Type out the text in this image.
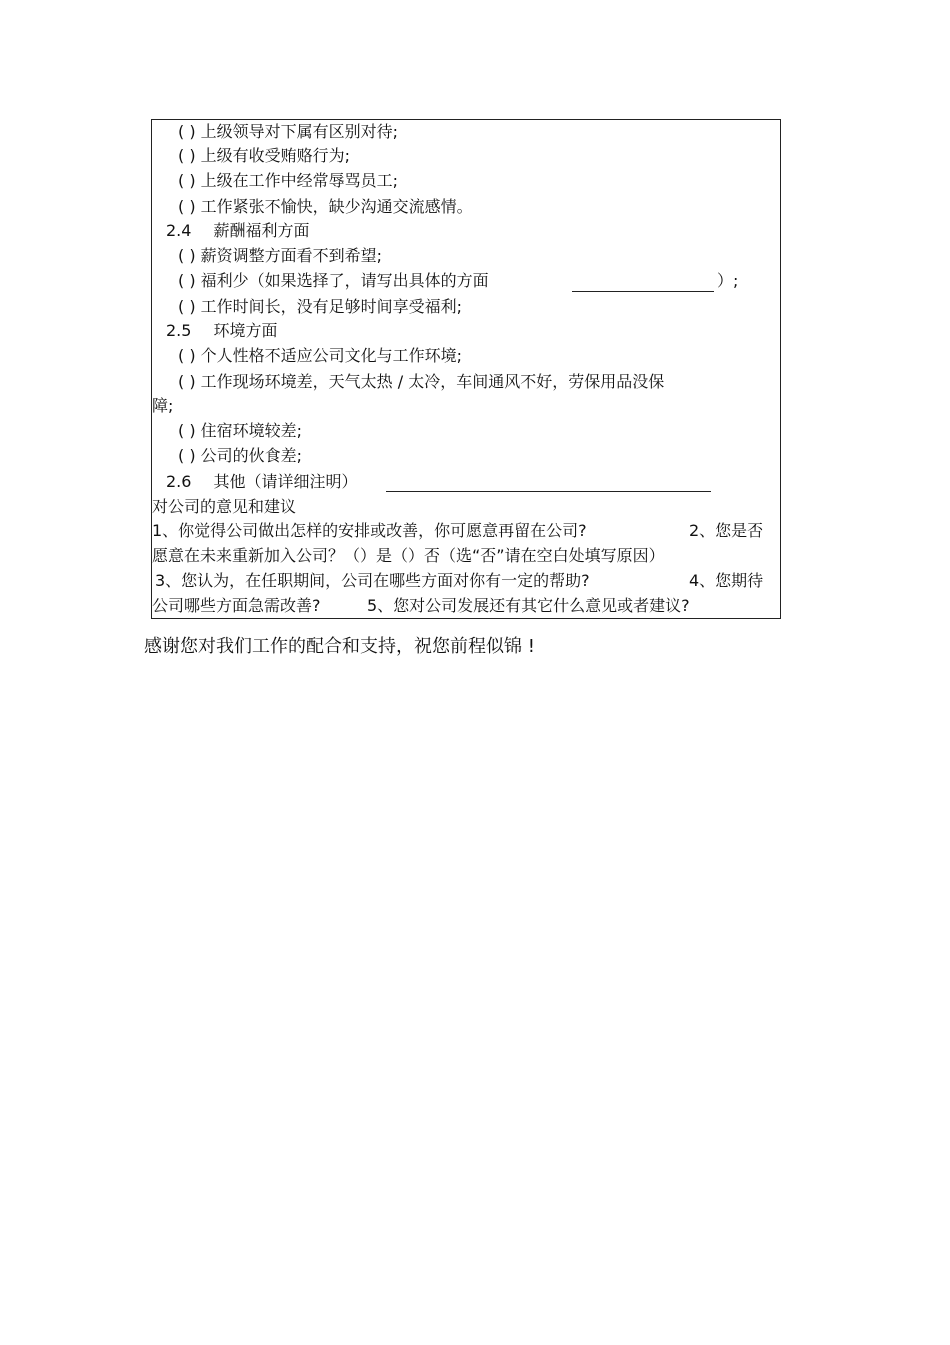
( ) 上级领导对下属有区别对待;
( ) 上级有收受贿赂行为;
( ) 上级在工作中经常辱骂员工;
( ) 工作紧张不愉快，缺少沟通交流感情。
2.4 薪酬福利方面
( ) 薪资调整方面看不到希望;
( ) 福利少（如果选择了，请写出具体的方面	）;
( ) 工作时间长，没有足够时间享受福利;
2.5 环境方面
( ) 个人性格不适应公司文化与工作环境;
( ) 工作现场环境差，天气太热 / 太冷，车间通风不好，劳保用品没保
障;
( ) 住宿环境较差;
( ) 公司的伙食差;
2.6 其他（请详细注明）
对公司的意见和建议
1、你觉得公司做出怎样的安排或改善，你可愿意再留在公司?	2、您是否
愿意在未来重新加入公司？（）是（）否（选“否”请在空白处填写原因）
3、您认为，在任职期间，公司在哪些方面对你有一定的帮助?	4、您期待
公司哪些方面急需改善?	5、您对公司发展还有其它什么意见或者建议?
感谢您对我们工作的配合和支持，祝您前程似锦 !
